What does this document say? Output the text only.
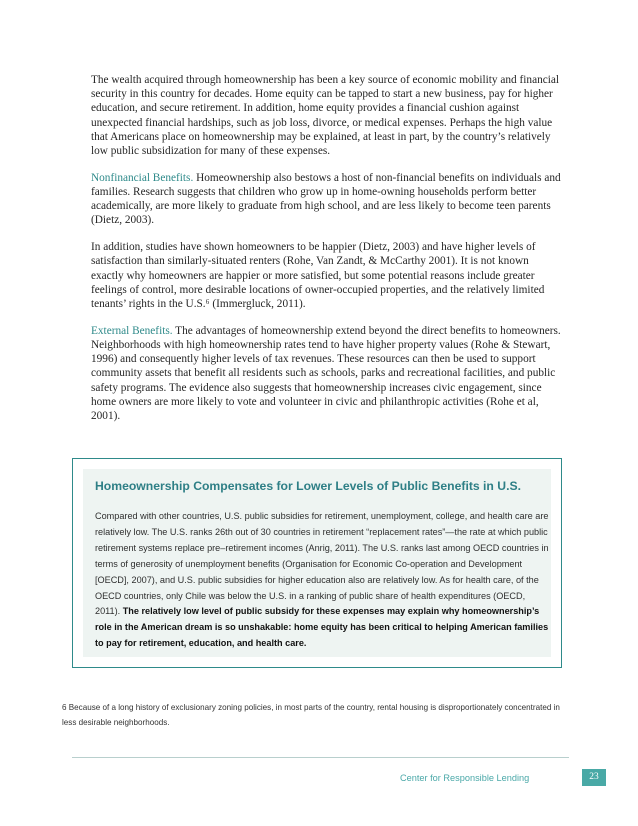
The wealth acquired through homeownership has been a key source of economic mobility and financial security in this country for decades. Home equity can be tapped to start a new business, pay for higher education, and secure retirement. In addition, home equity provides a financial cushion against unexpected financial hardships, such as job loss, divorce, or medical expenses. Perhaps the high value that Americans place on homeownership may be explained, at least in part, by the country’s relatively low public subsidization for many of these expenses.

Nonfinancial Benefits. Homeownership also bestows a host of non-financial benefits on individuals and families. Research suggests that children who grow up in home-owning households perform better academically, are more likely to graduate from high school, and are less likely to become teen parents (Dietz, 2003).

In addition, studies have shown homeowners to be happier (Dietz, 2003) and have higher levels of satisfaction than similarly-situated renters (Rohe, Van Zandt, & McCarthy 2001). It is not known exactly why homeowners are happier or more satisfied, but some potential reasons include greater feelings of control, more desirable locations of owner-occupied properties, and the relatively limited tenants’ rights in the U.S.⁶ (Immergluck, 2011).

External Benefits. The advantages of homeownership extend beyond the direct benefits to homeowners. Neighborhoods with high homeownership rates tend to have higher property values (Rohe & Stewart, 1996) and consequently higher levels of tax revenues. These resources can then be used to support community assets that benefit all residents such as schools, parks and recreational facilities, and public safety programs. The evidence also suggests that homeownership increases civic engagement, since home owners are more likely to vote and volunteer in civic and philanthropic activities (Rohe et al, 2001).

Homeownership Compensates for Lower Levels of Public Benefits in U.S.
Compared with other countries, U.S. public subsidies for retirement, unemployment, college, and health care are relatively low. The U.S. ranks 26th out of 30 countries in retirement “replacement rates”—the rate at which public retirement systems replace pre–retirement incomes (Anrig, 2011). The U.S. ranks last among OECD countries in terms of generosity of unemployment benefits (Organisation for Economic Co-operation and Development [OECD], 2007), and U.S. public subsidies for higher education also are relatively low. As for health care, of the OECD countries, only Chile was below the U.S. in a ranking of public share of health expenditures (OECD, 2011). The relatively low level of public subsidy for these expenses may explain why homeownership’s role in the American dream is so unshakable: home equity has been critical to helping American families to pay for retirement, education, and health care.
6 Because of a long history of exclusionary zoning policies, in most parts of the country, rental housing is disproportionately concentrated in less desirable neighborhoods.
Center for Responsible Lending	23
